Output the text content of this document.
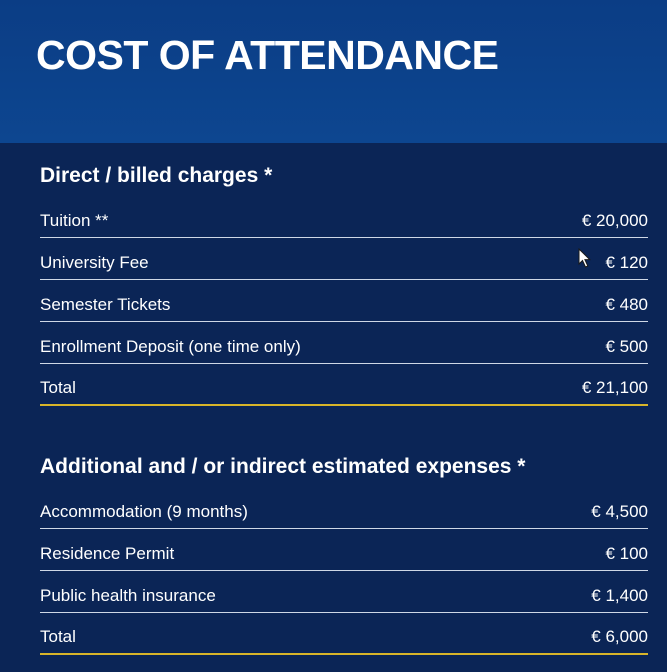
COST OF ATTENDANCE
Direct / billed charges *
Tuition **	€ 20,000
University Fee	€ 120
Semester Tickets	€ 480
Enrollment Deposit (one time only)	€ 500
Total	€ 21,100
Additional and / or indirect estimated expenses *
Accommodation (9 months)	€ 4,500
Residence Permit	€ 100
Public health insurance	€ 1,400
Total	€ 6,000
